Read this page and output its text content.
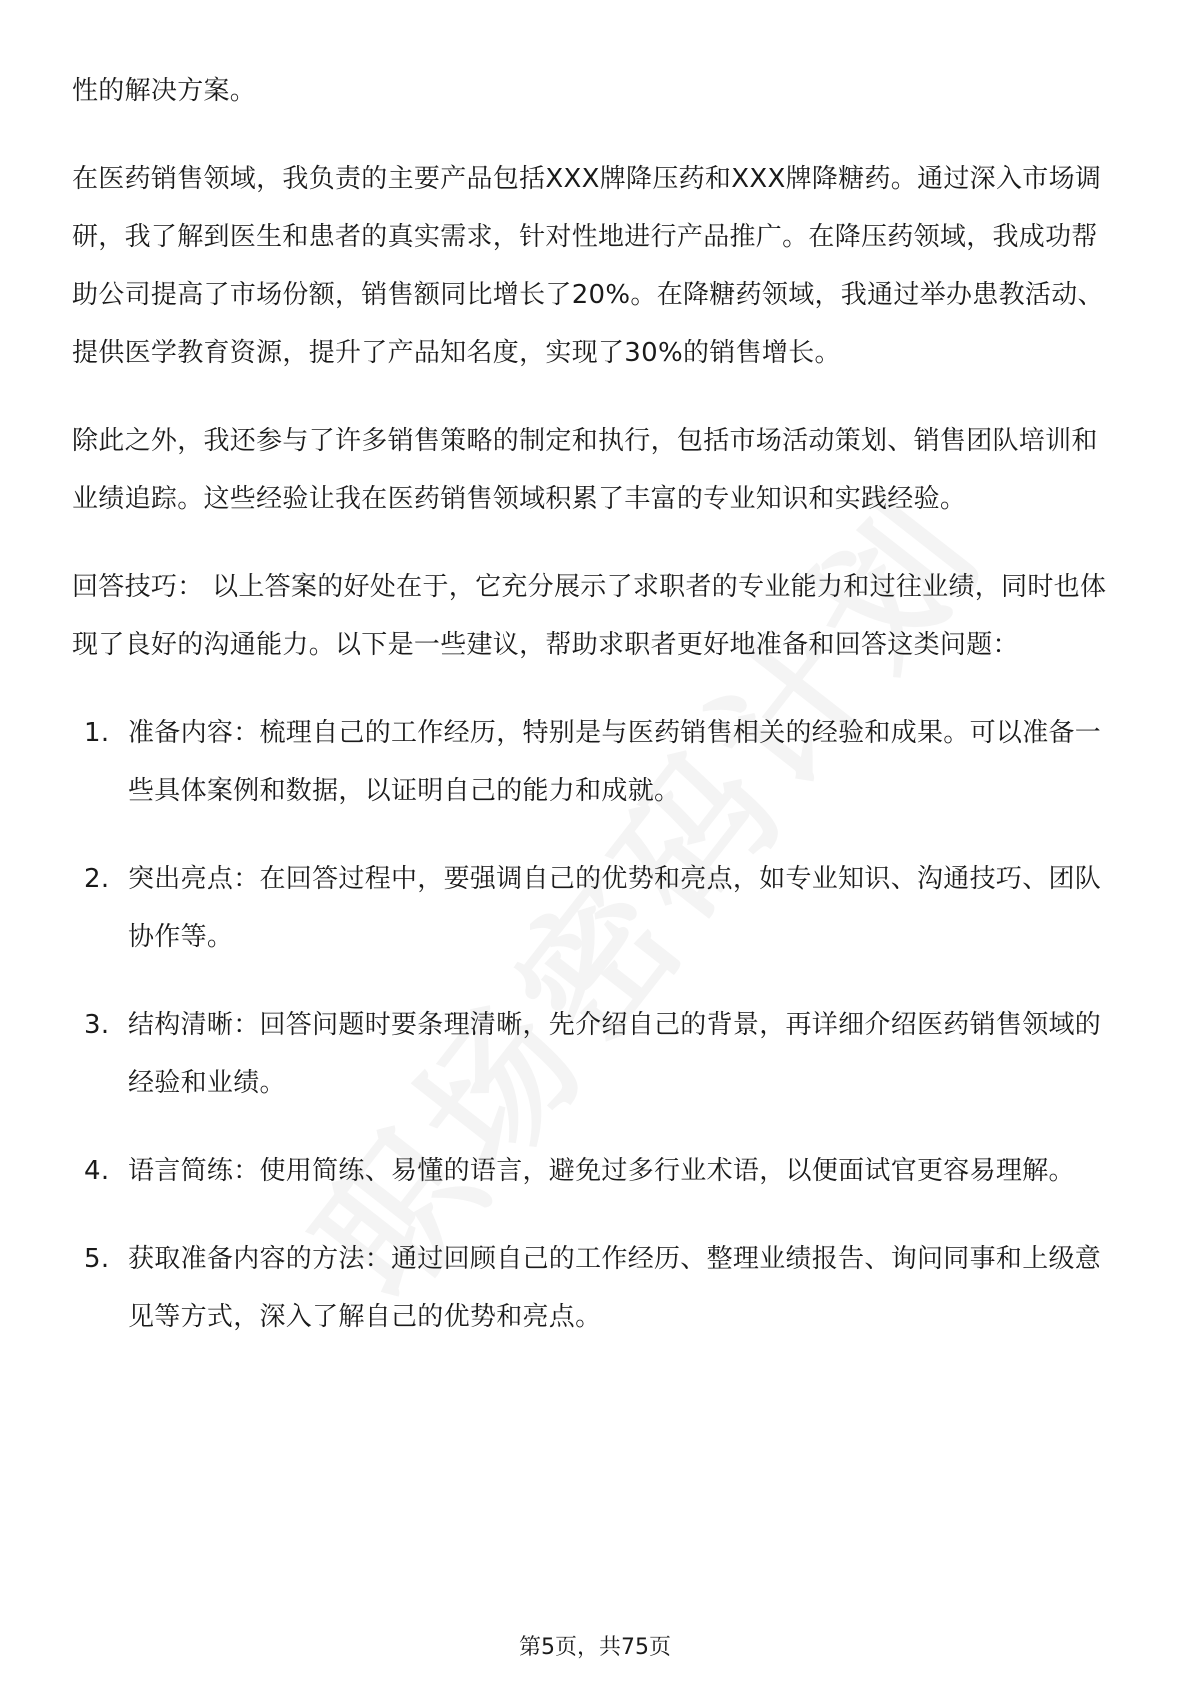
性的解决方案。

在医药销售领域，我负责的主要产品包括XXX牌降压药和XXX牌降糖药。通过深入市场调研，我了解到医生和患者的真实需求，针对性地进行产品推广。在降压药领域，我成功帮助公司提高了市场份额，销售额同比增长了20%。在降糖药领域，我通过举办患教活动、提供医学教育资源，提升了产品知名度，实现了30%的销售增长。

除此之外，我还参与了许多销售策略的制定和执行，包括市场活动策划、销售团队培训和业绩追踪。这些经验让我在医药销售领域积累了丰富的专业知识和实践经验。

回答技巧： 以上答案的好处在于，它充分展示了求职者的专业能力和过往业绩，同时也体现了良好的沟通能力。以下是一些建议，帮助求职者更好地准备和回答这类问题：

1. 准备内容：梳理自己的工作经历，特别是与医药销售相关的经验和成果。可以准备一些具体案例和数据，以证明自己的能力和成就。
2. 突出亮点：在回答过程中，要强调自己的优势和亮点，如专业知识、沟通技巧、团队协作等。
3. 结构清晰：回答问题时要条理清晰，先介绍自己的背景，再详细介绍医药销售领域的经验和业绩。
4. 语言简练：使用简练、易懂的语言，避免过多行业术语，以便面试官更容易理解。
5. 获取准备内容的方法：通过回顾自己的工作经历、整理业绩报告、询问同事和上级意见等方式，深入了解自己的优势和亮点。
第5页，共75页
